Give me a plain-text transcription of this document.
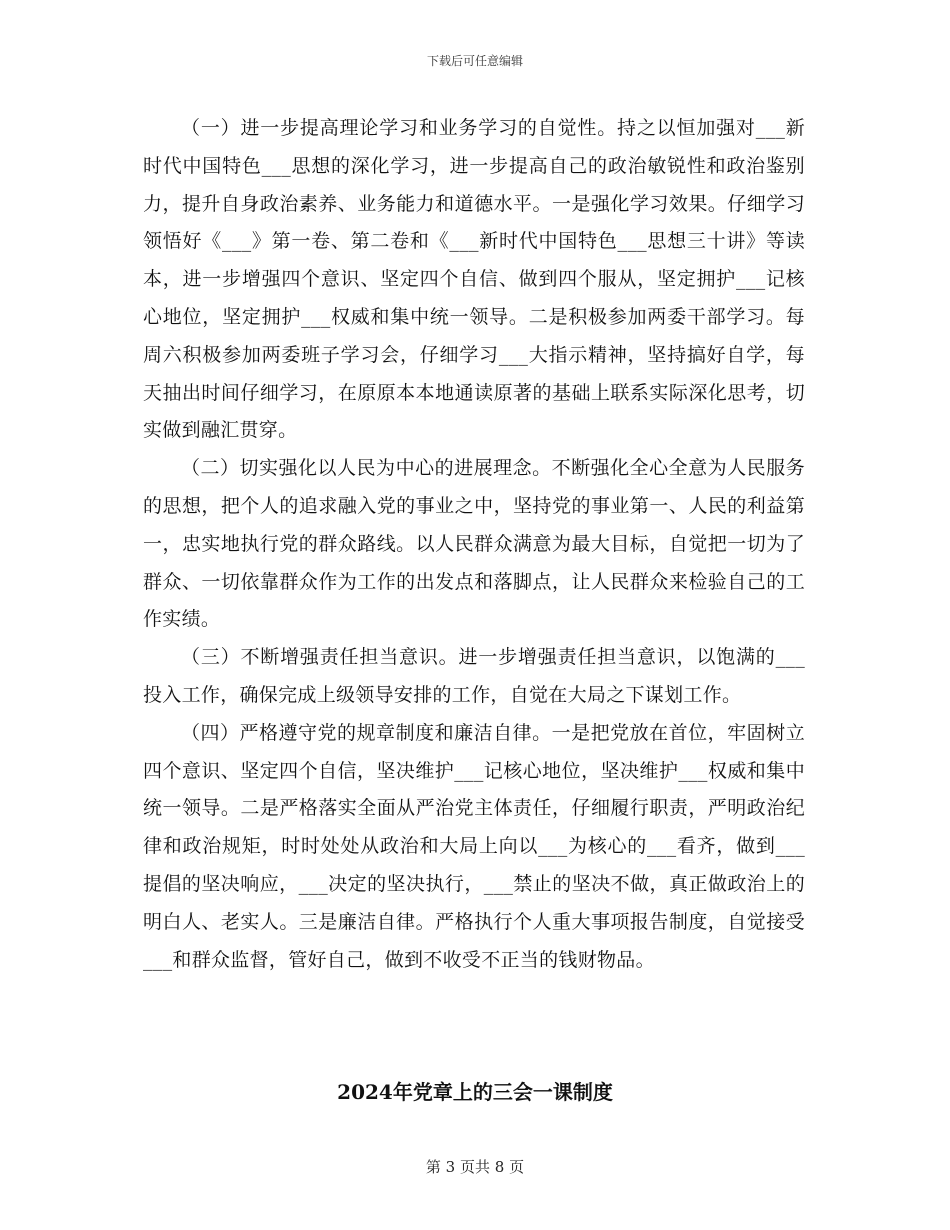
下载后可任意编辑

（一）进一步提高理论学习和业务学习的自觉性。持之以恒加强对___新时代中国特色___思想的深化学习，进一步提高自己的政治敏锐性和政治鉴别力，提升自身政治素养、业务能力和道德水平。一是强化学习效果。仔细学习领悟好《___》第一卷、第二卷和《___新时代中国特色___思想三十讲》等读本，进一步增强四个意识、坚定四个自信、做到四个服从，坚定拥护___记核心地位，坚定拥护___权威和集中统一领导。二是积极参加两委干部学习。每周六积极参加两委班子学习会，仔细学习___大指示精神，坚持搞好自学，每天抽出时间仔细学习，在原原本本地通读原著的基础上联系实际深化思考，切实做到融汇贯穿。

（二）切实强化以人民为中心的进展理念。不断强化全心全意为人民服务的思想，把个人的追求融入党的事业之中，坚持党的事业第一、人民的利益第一，忠实地执行党的群众路线。以人民群众满意为最大目标，自觉把一切为了群众、一切依靠群众作为工作的出发点和落脚点，让人民群众来检验自己的工作实绩。

（三）不断增强责任担当意识。进一步增强责任担当意识，以饱满的___投入工作，确保完成上级领导安排的工作，自觉在大局之下谋划工作。

（四）严格遵守党的规章制度和廉洁自律。一是把党放在首位，牢固树立四个意识、坚定四个自信，坚决维护___记核心地位，坚决维护___权威和集中统一领导。二是严格落实全面从严治党主体责任，仔细履行职责，严明政治纪律和政治规矩，时时处处从政治和大局上向以___为核心的___看齐，做到___提倡的坚决响应，___决定的坚决执行，___禁止的坚决不做，真正做政治上的明白人、老实人。三是廉洁自律。严格执行个人重大事项报告制度，自觉接受___和群众监督，管好自己，做到不收受不正当的钱财物品。

2024年党章上的三会一课制度
第 3 页共 8 页
